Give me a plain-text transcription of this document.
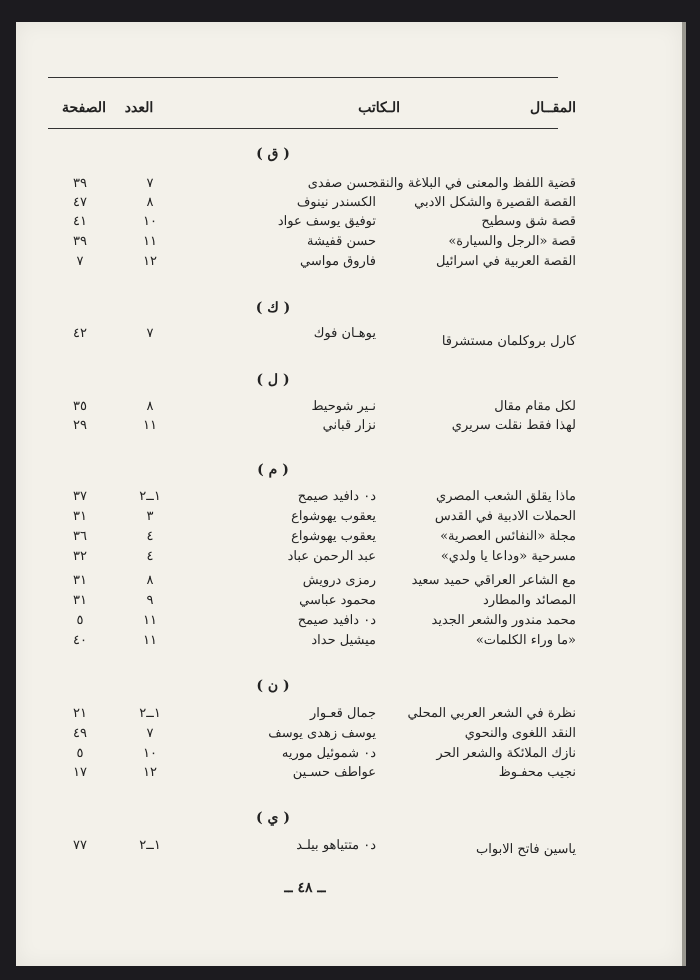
المقــال
الـكاتب
العدد
الصفحة
( ق )
قضية اللفظ والمعنى في البلاغة والنقد
حسن صفدى
٧
٣٩
القصة القصيرة والشكل الادبي
الكسندر نينوف
٨
٤٧
قصة شق وسطيح
توفيق يوسف عواد
١٠
٤١
قصة «الرجل والسيارة»
حسن قفيشة
١١
٣٩
القصة العربية في اسرائيل
فاروق مواسي
١٢
٧
( ك )
كارل بروكلمان مستشرقا
يوهـان فوك
٧
٤٢
( ل )
لكل مقام مقال
نـير شوحيط
٨
٣٥
لهذا فقط نقلت سريري
نزار قباني
١١
٢٩
( م )
ماذا يقلق الشعب المصري
د٠ دافيد صيمح
١ــ٢
٣٧
الحملات الادبية في القدس
يعقوب يهوشواع
٣
٣١
مجلة «النفائس العصرية»
يعقوب يهوشواع
٤
٣٦
مسرحية «وداعا يا ولدي»
عبد الرحمن عباد
٤
٣٢
مع الشاعر العراقي حميد سعيد
رمزى درويش
٨
٣١
المصائد والمطارد
محمود عباسي
٩
٣١
محمد مندور والشعر الجديد
د٠ دافيد صيمح
١١
٥
«ما وراء الكلمات»
ميشيل حداد
١١
٤٠
( ن )
نظرة في الشعر العربي المحلي
جمال قعـوار
١ــ٢
٢١
النقد اللغوى والنحوي
يوسف زهدى يوسف
٧
٤٩
نازك الملائكة والشعر الحر
د٠ شموئيل موريه
١٠
٥
نجيب محفـوظ
عواطف حسـين
١٢
١٧
( ي )
ياسين فاتح الابواب
د٠ متتياهو بيلـد
١ــ٢
٧٧
ــ ٤٨ ــ
